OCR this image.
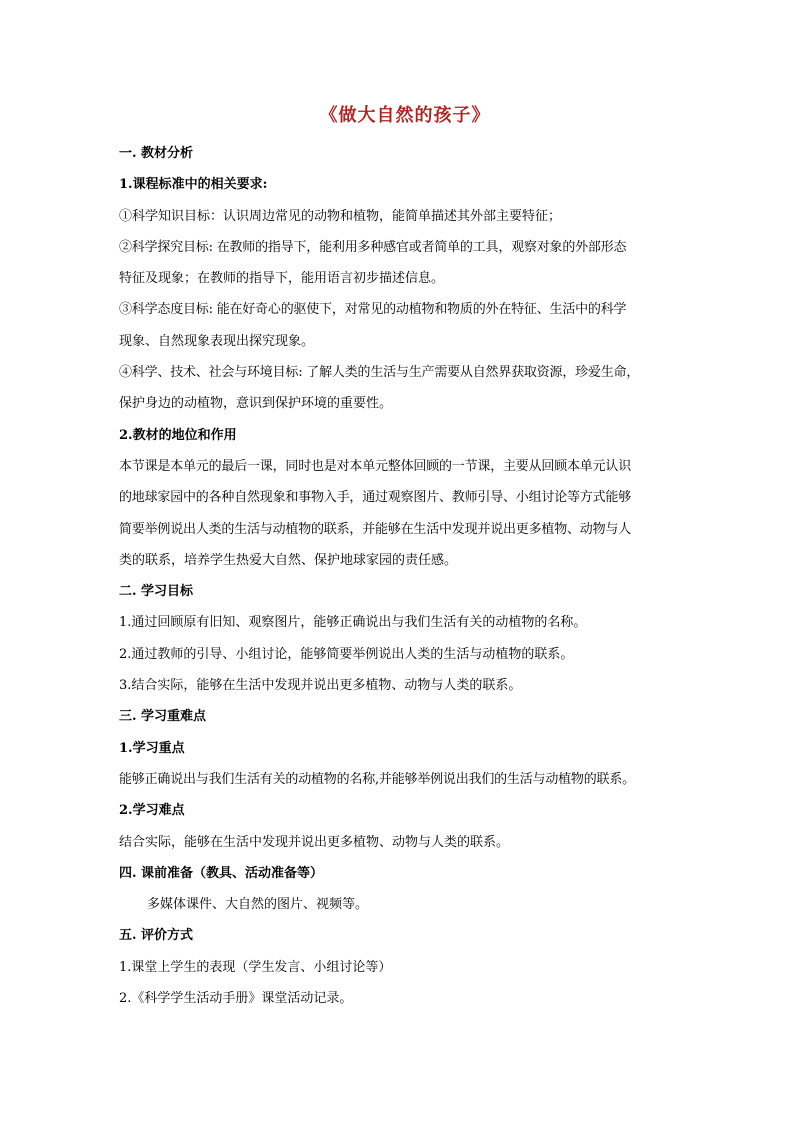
《做大自然的孩子》
一. 教材分析
1.课程标准中的相关要求:
①科学知识目标：认识周边常见的动物和植物，能简单描述其外部主要特征；
②科学探究目标: 在教师的指导下，能利用多种感官或者简单的工具，观察对象的外部形态
特征及现象；在教师的指导下，能用语言初步描述信息。
③科学态度目标: 能在好奇心的驱使下，对常见的动植物和物质的外在特征、生活中的科学
现象、自然现象表现出探究现象。
④科学、技术、社会与环境目标: 了解人类的生活与生产需要从自然界获取资源，珍爱生命，
保护身边的动植物，意识到保护环境的重要性。
2.教材的地位和作用
本节课是本单元的最后一课，同时也是对本单元整体回顾的一节课，主要从回顾本单元认识
的地球家园中的各种自然现象和事物入手，通过观察图片、教师引导、小组讨论等方式能够
简要举例说出人类的生活与动植物的联系，并能够在生活中发现并说出更多植物、动物与人
类的联系，培养学生热爱大自然、保护地球家园的责任感。
二. 学习目标
1.通过回顾原有旧知、观察图片，能够正确说出与我们生活有关的动植物的名称。
2.通过教师的引导、小组讨论，能够简要举例说出人类的生活与动植物的联系。
3.结合实际，能够在生活中发现并说出更多植物、动物与人类的联系。
三. 学习重难点
1.学习重点
能够正确说出与我们生活有关的动植物的名称,并能够举例说出我们的生活与动植物的联系。
2.学习难点
结合实际，能够在生活中发现并说出更多植物、动物与人类的联系。
四. 课前准备（教具、活动准备等）
多媒体课件、大自然的图片、视频等。
五. 评价方式
1.课堂上学生的表现（学生发言、小组讨论等）
2.《科学学生活动手册》课堂活动记录。
